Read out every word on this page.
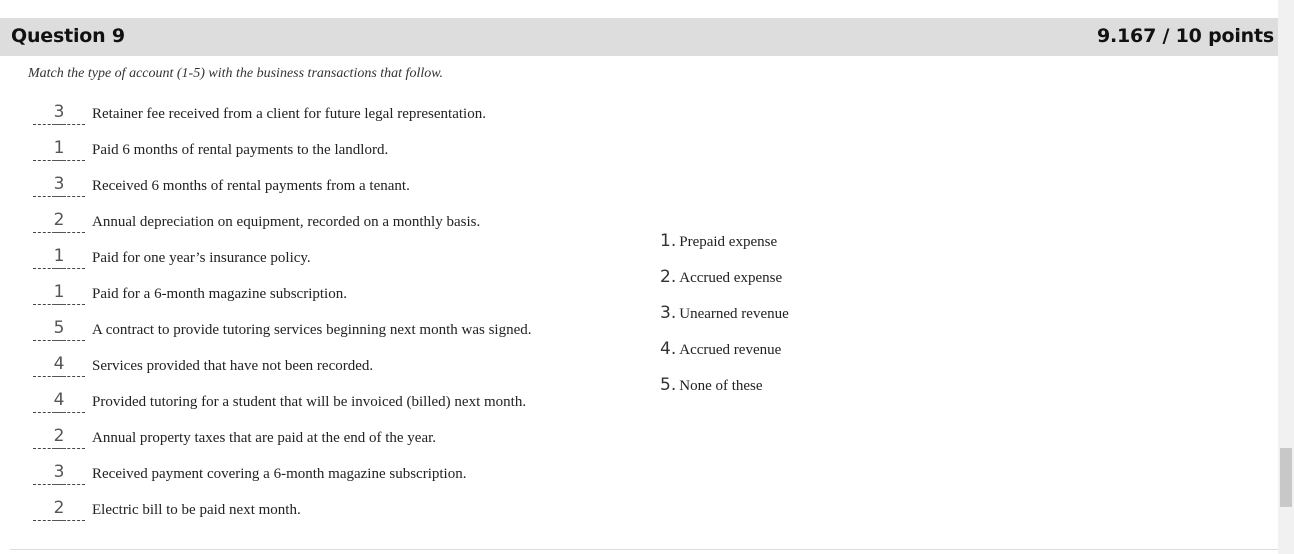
Question 9	9.167 / 10 points
Match the type of account (1-5) with the business transactions that follow.
3	Retainer fee received from a client for future legal representation.
1	Paid 6 months of rental payments to the landlord.
3	Received 6 months of rental payments from a tenant.
2	Annual depreciation on equipment, recorded on a monthly basis.
1	Paid for one year’s insurance policy.
1	Paid for a 6-month magazine subscription.
5	A contract to provide tutoring services beginning next month was signed.
4	Services provided that have not been recorded.
4	Provided tutoring for a student that will be invoiced (billed) next month.
2	Annual property taxes that are paid at the end of the year.
3	Received payment covering a 6-month magazine subscription.
2	Electric bill to be paid next month.
1. Prepaid expense
2. Accrued expense
3. Unearned revenue
4. Accrued revenue
5. None of these
